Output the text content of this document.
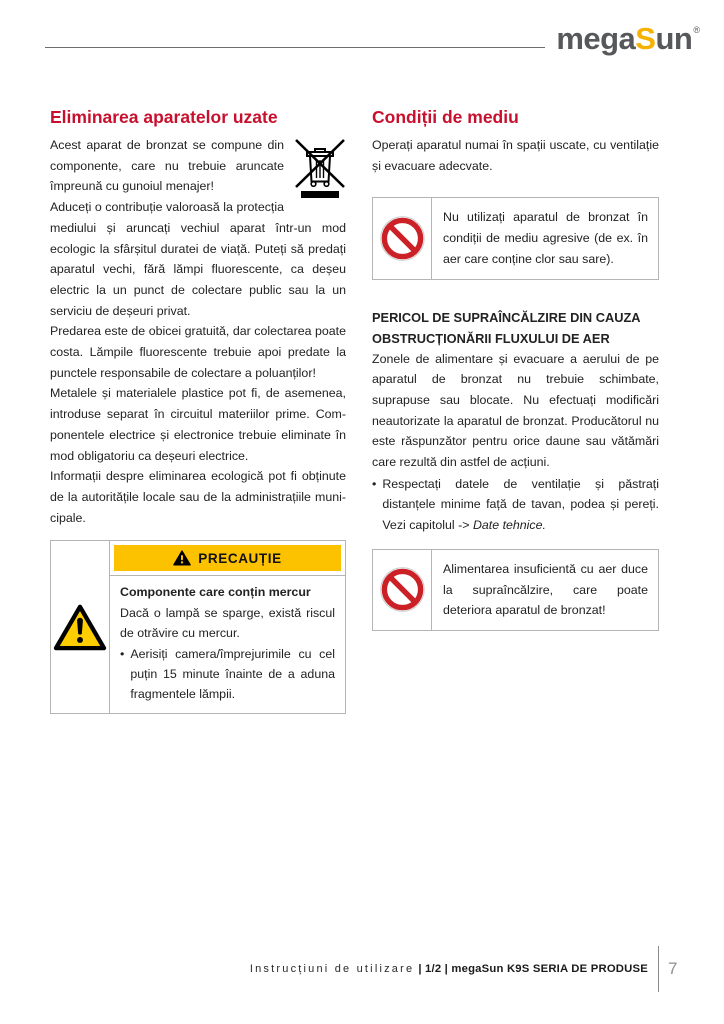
megaSun®
Eliminarea aparatelor uzate

Acest aparat de bronzat se compune din componente, care nu trebuie aruncate împreună cu gunoiul menajer!

Aduceți o contribuție valoroasă la protecția mediului și aruncați vechiul aparat într-un mod ecologic la sfârșitul duratei de viață. Puteți să predați aparatul vechi, fără lămpi fluorescente, ca deșeu electric la un punct de colectare public sau la un serviciu de deșeuri privat.

Predarea este de obicei gratuită, dar colectarea poate costa. Lămpile fluorescente trebuie apoi predate la punctele responsabile de colectare a poluanților!

Metalele și materialele plastice pot fi, de asemenea, introduse separat în circuitul materiilor prime. Componentele electrice și electronice trebuie eliminate în mod obligatoriu ca deșeuri electrice.

Informații despre eliminarea ecologică pot fi obținute de la autoritățile locale sau de la administrațiile municipale.

PRECAUȚIE

Componente care conțin mercur

Dacă o lampă se sparge, există riscul de otrăvire cu mercur.

• Aerisiți camera/împrejurimile cu cel puțin 15 minute înainte de a aduna fragmentele lămpii.
Condiții de mediu

Operați aparatul numai în spații uscate, cu ventilație și evacuare adecvate.

Nu utilizați aparatul de bronzat în condiții de mediu agresive (de ex. în aer care conține clor sau sare).

PERICOL DE SUPRAÎNCĂLZIRE DIN CAUZA OBSTRUCȚIONĂRII FLUXULUI DE AER

Zonele de alimentare și evacuare a aerului de pe aparatul de bronzat nu trebuie schimbate, suprapuse sau blocate. Nu efectuați modificări neautorizate la aparatul de bronzat. Producătorul nu este răspunzător pentru orice daune sau vătămări care rezultă din astfel de acțiuni.

• Respectați datele de ventilație și păstrați distanțele minime față de tavan, podea și pereți. Vezi capitolul -> Date tehnice.
Alimentarea insuficientă cu aer duce la supraîncălzire, care poate deteriora aparatul de bronzat!
Instrucțiuni de utilizare | 1/2 | megaSun K9S SERIA DE PRODUSE 7
